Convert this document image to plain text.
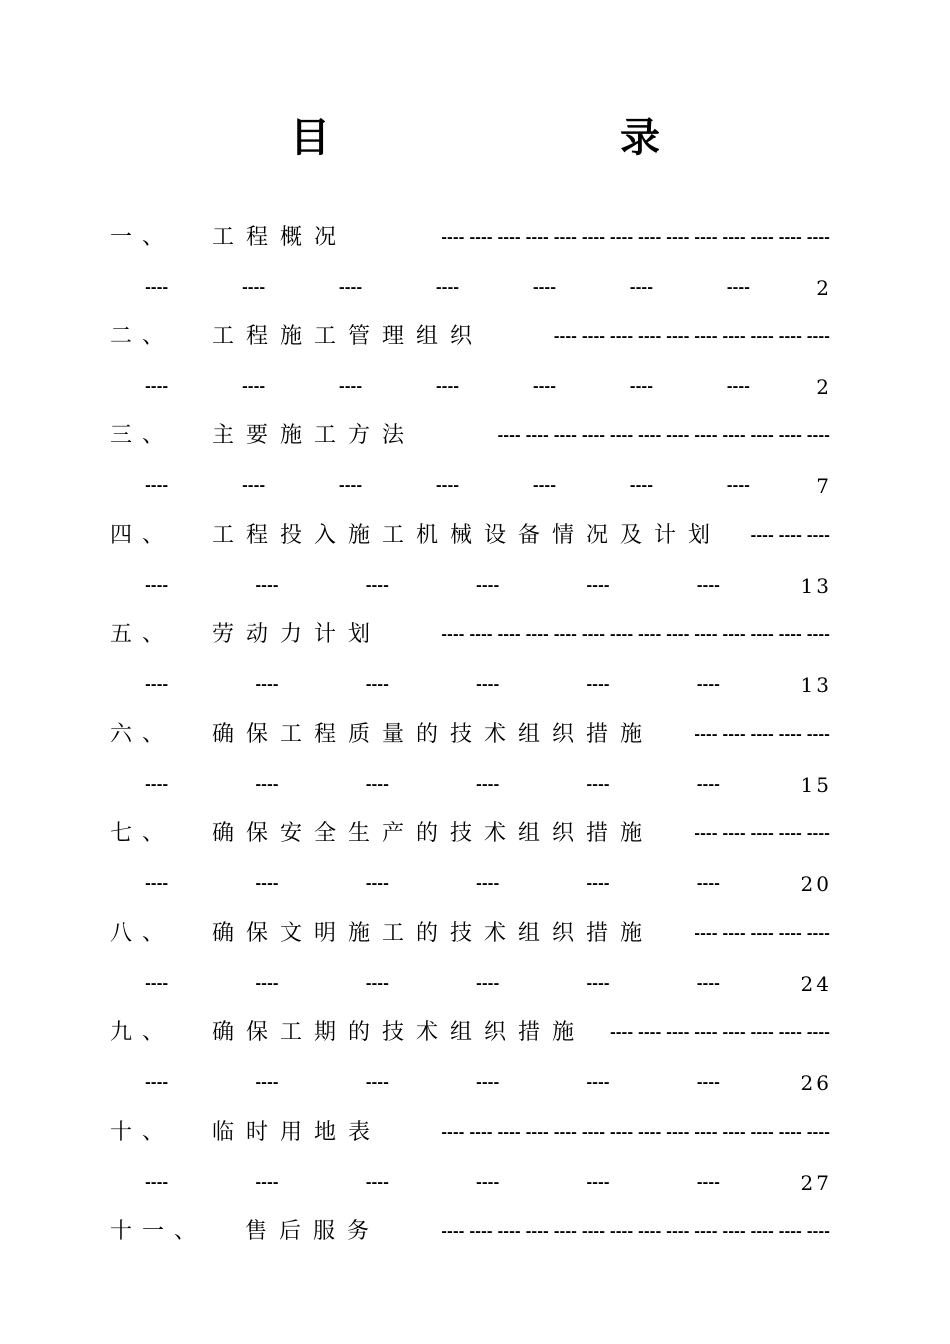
目　　录
一、 工程概况	---- ---- ---- ---- ---- ---- ---- ---- ---- ---- ---- ---- ---- ----
----	----	----	----	----	----	----	2
二、 工程施工管理组织	---- ---- ---- ---- ---- ---- ---- ---- ---- ----
----	----	----	----	----	----	----	2
三、 主要施工方法	---- ---- ---- ---- ---- ---- ---- ---- ---- ---- ---- ----
----	----	----	----	----	----	----	7
四、 工程投入施工机械设备情况及计划 ---- ---- ----
----	----	----	----	----	----	13
五、 劳动力计划	---- ---- ---- ---- ---- ---- ---- ---- ---- ---- ---- ---- ---- ----
----	----	----	----	----	----	13
六、 确保工程质量的技术组织措施	---- ---- ---- ---- ----
----	----	----	----	----	----	15
七、 确保安全生产的技术组织措施	---- ---- ---- ---- ----
----	----	----	----	----	----	20
八、 确保文明施工的技术组织措施	---- ---- ---- ---- ----
----	----	----	----	----	----	24
九、 确保工期的技术组织措施 ---- ---- ---- ---- ---- ---- ---- ----
----	----	----	----	----	----	26
十、 临时用地表	---- ---- ---- ---- ---- ---- ---- ---- ---- ---- ---- ---- ---- ----
----	----	----	----	----	----	27
十一、 售后服务	---- ---- ---- ---- ---- ---- ---- ---- ---- ---- ---- ---- ---- ----
